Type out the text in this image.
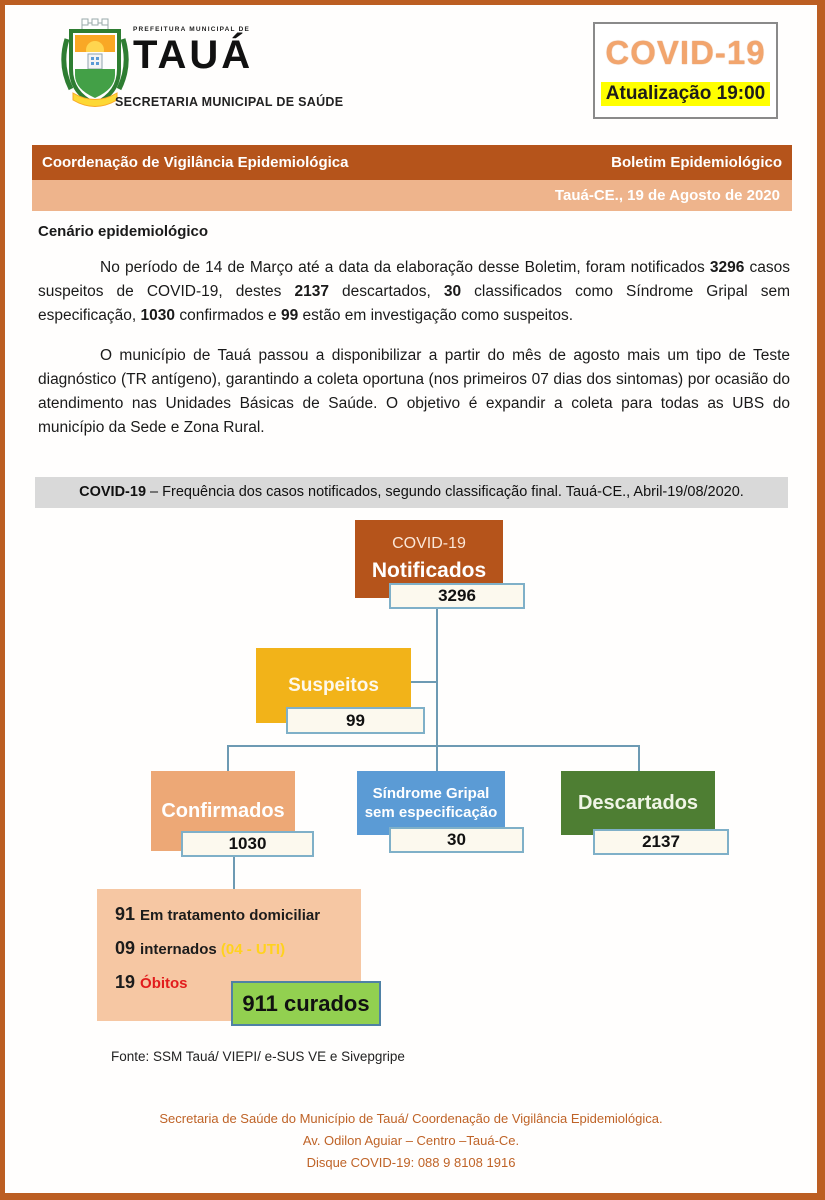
PREFEITURA MUNICIPAL DE
TAUÁ
SECRETARIA MUNICIPAL DE SAÚDE
COVID-19
Atualização 19:00
Coordenação de Vigilância Epidemiológica	Boletim Epidemiológico
Tauá-CE., 19 de Agosto de 2020
Cenário epidemiológico

No período de 14 de Março até a data da elaboração desse Boletim, foram notificados 3296 casos suspeitos de COVID-19, destes 2137 descartados, 30 classificados como Síndrome Gripal sem especificação, 1030 confirmados e 99 estão em investigação como suspeitos.

O município de Tauá passou a disponibilizar a partir do mês de agosto mais um tipo de Teste diagnóstico (TR antígeno), garantindo a coleta oportuna (nos primeiros 07 dias dos sintomas) por ocasião do atendimento nas Unidades Básicas de Saúde. O objetivo é expandir a coleta para todas as UBS do município da Sede e Zona Rural.

COVID-19 – Frequência dos casos notificados, segundo classificação final. Tauá-CE., Abril-19/08/2020.
COVID-19
Notificados
3296
Suspeitos
99
Confirmados
1030
Síndrome Gripal sem especificação
30
Descartados
2137
91 Em tratamento domiciliar
09 internados (04 - UTI)
19 Óbitos
911 curados
Fonte: SSM Tauá/ VIEPI/ e-SUS VE e Sivepgripe
Secretaria de Saúde do Município de Tauá/ Coordenação de Vigilância Epidemiológica.
Av. Odilon Aguiar – Centro –Tauá-Ce.
Disque COVID-19: 088 9 8108 1916
